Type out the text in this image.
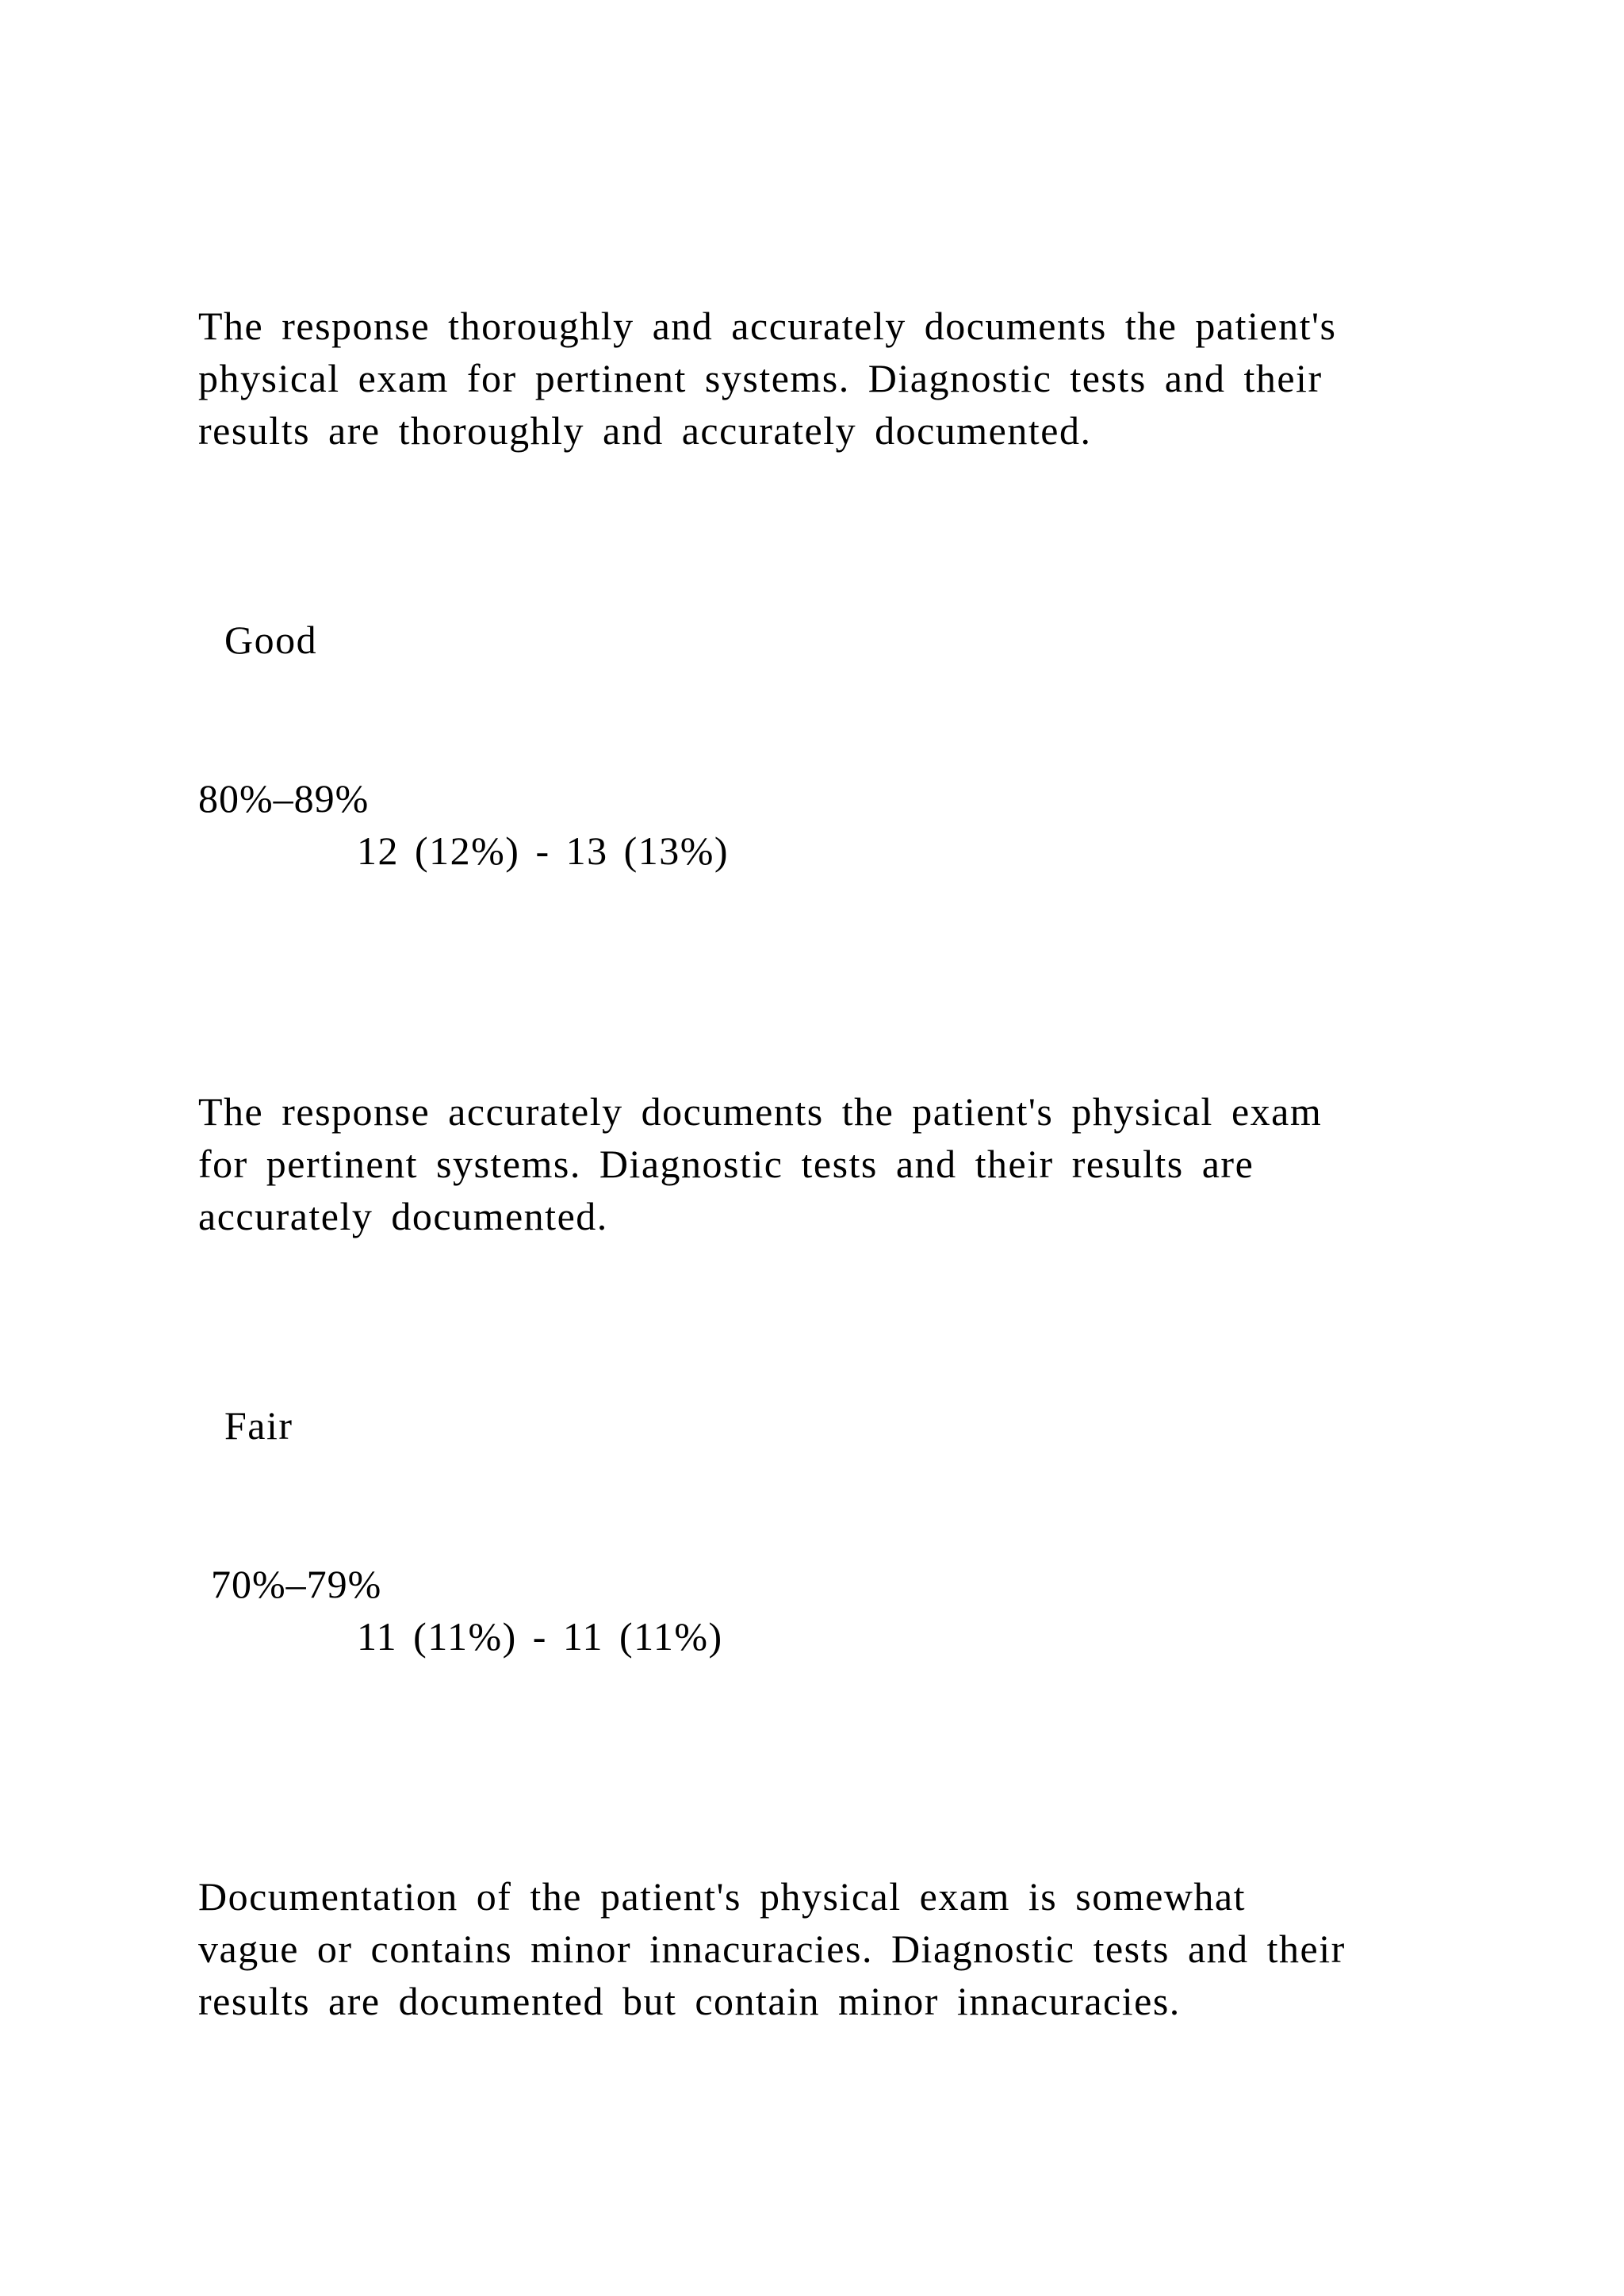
The response thoroughly and accurately documents the patient's
physical exam for pertinent systems. Diagnostic tests and their
results are thoroughly and accurately documented.

Good

80%–89%

12 (12%) - 13 (13%)

The response accurately documents the patient's physical exam
for pertinent systems. Diagnostic tests and their results are
accurately documented.

Fair

70%–79%

11 (11%) - 11 (11%)

Documentation of the patient's physical exam is somewhat
vague or contains minor innacuracies. Diagnostic tests and their
results are documented but contain minor innacuracies.
